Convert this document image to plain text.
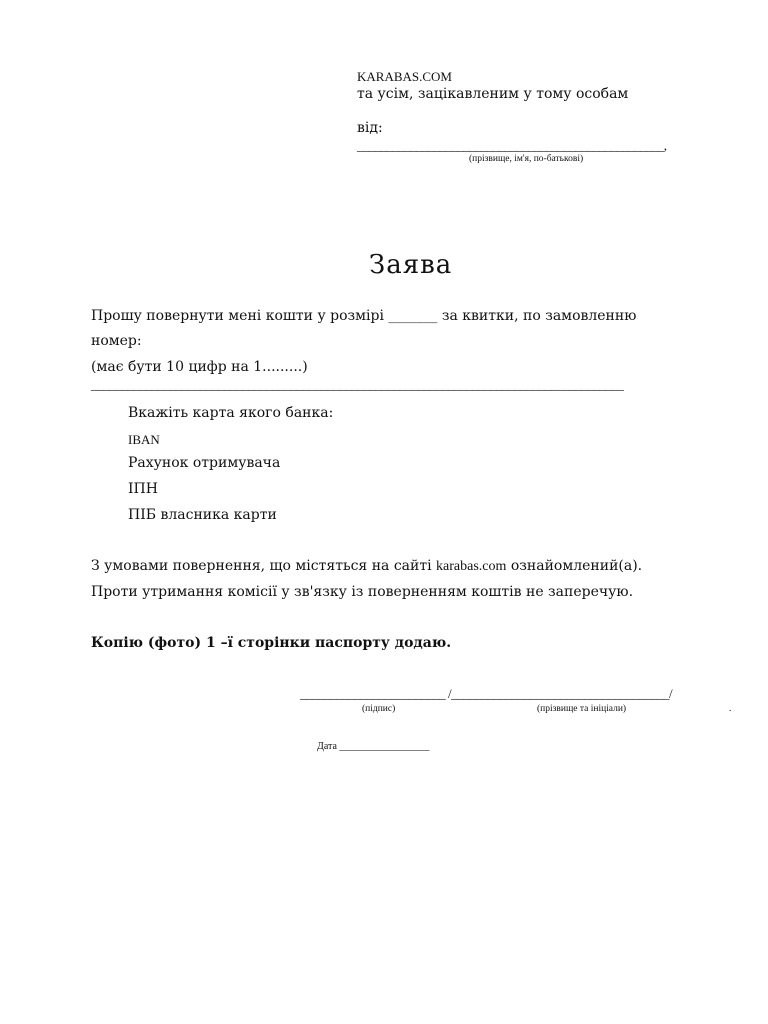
KARABAS.COM
та усім, зацікавленим у тому особам
від:
____________________________________________________,
(прізвище, ім'я, по-батькові)
Заява
Прошу повернути мені кошти у розмірі _______ за квитки, по замовленню
номер:
(має бути 10 цифр на 1.........)
________________________________________________________________________________________
Вкажіть карта якого банка:
IBAN
Рахунок отримувача
ІПН
ПІБ власника карти
З умовами повернення, що містяться на сайті karabas.com ознайомлений(а).
Проти утримання комісії у зв'язку із поверненням коштів не заперечую.
Копію (фото) 1 –ї сторінки паспорту додаю.
________________________ /____________________________________/
(підпис)	(прізвище та ініціали)	.
Дата __________________
